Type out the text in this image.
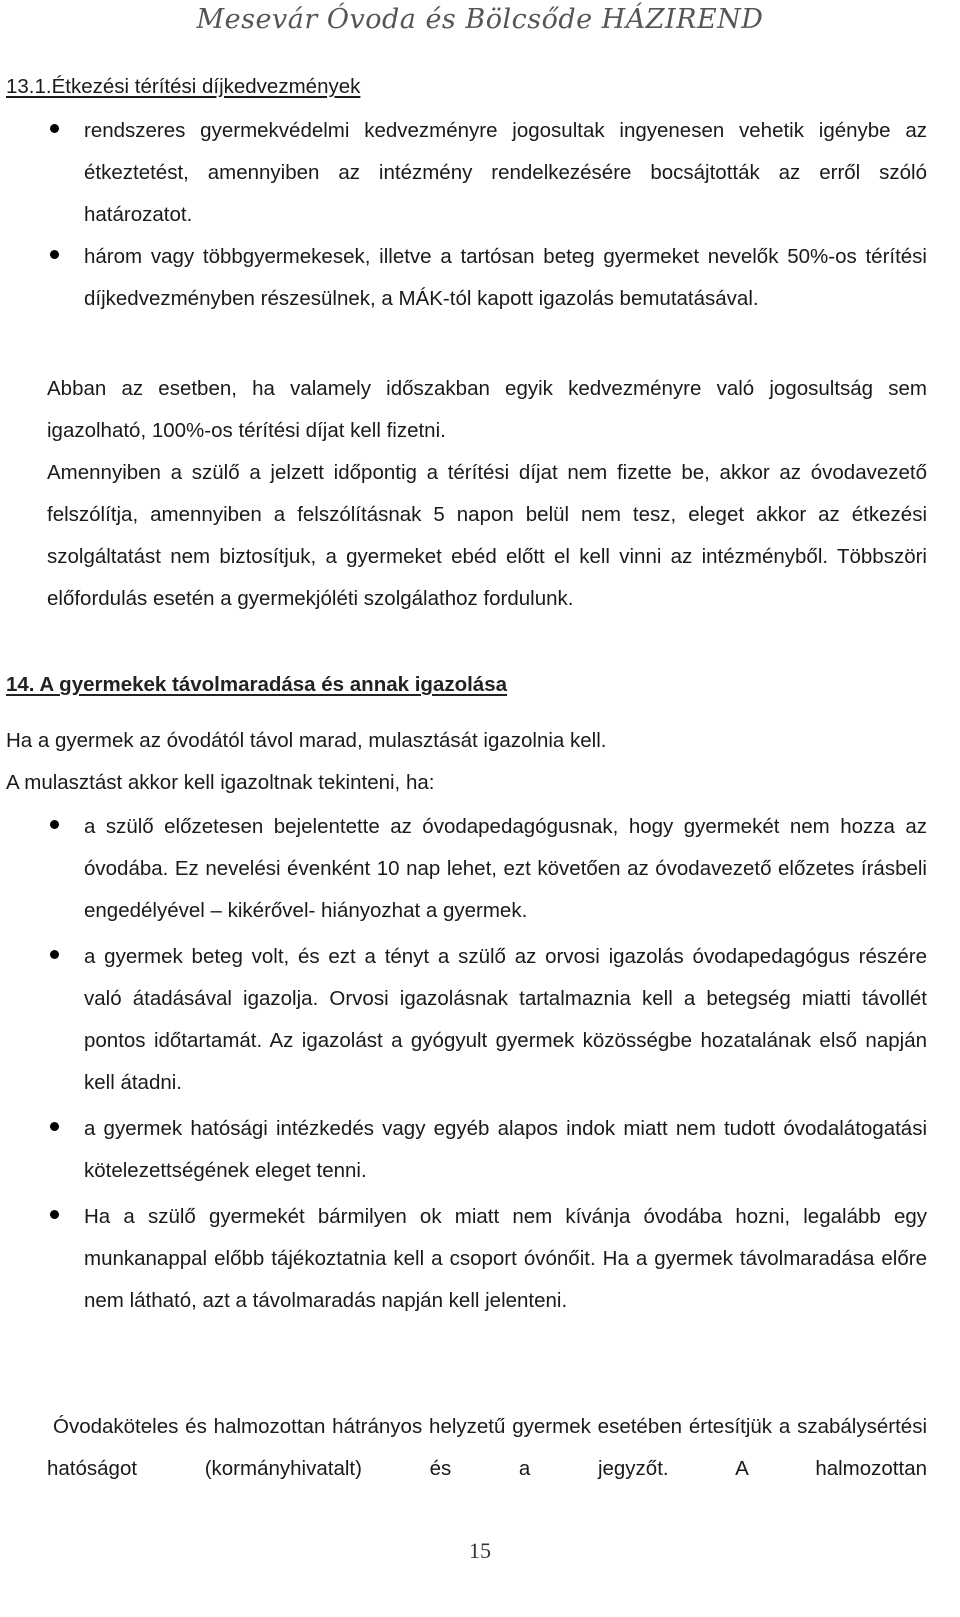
Mesevár Óvoda és Bölcsőde HÁZIREND
13.1.Étkezési térítési díjkedvezmények
rendszeres gyermekvédelmi kedvezményre jogosultak ingyenesen vehetik igénybe az étkeztetést, amennyiben az intézmény rendelkezésére bocsájtották az erről szóló határozatot.
három vagy többgyermekesek, illetve a tartósan beteg gyermeket nevelők 50%-os térítési díjkedvezményben részesülnek, a MÁK-tól kapott igazolás bemutatásával.
Abban az esetben, ha valamely időszakban egyik kedvezményre való jogosultság sem igazolható, 100%-os térítési díjat kell fizetni.
Amennyiben a szülő a jelzett időpontig a térítési díjat nem fizette be, akkor az óvodavezető felszólítja, amennyiben a felszólításnak 5 napon belül nem tesz, eleget akkor az étkezési szolgáltatást nem biztosítjuk, a gyermeket ebéd előtt el kell vinni az intézményből. Többszöri előfordulás esetén a gyermekjóléti szolgálathoz fordulunk.
14. A gyermekek távolmaradása és annak igazolása
Ha a gyermek az óvodától távol marad, mulasztását igazolnia kell.
A mulasztást akkor kell igazoltnak tekinteni, ha:
a szülő előzetesen bejelentette az óvodapedagógusnak, hogy gyermekét nem hozza az óvodába. Ez nevelési évenként 10 nap lehet, ezt követően az óvodavezető előzetes írásbeli engedélyével – kikérővel- hiányozhat a gyermek.
a gyermek beteg volt, és ezt a tényt a szülő az orvosi igazolás óvodapedagógus részére való átadásával igazolja. Orvosi igazolásnak tartalmaznia kell a betegség miatti távollét pontos időtartamát. Az igazolást a gyógyult gyermek közösségbe hozatalának első napján kell átadni.
a gyermek hatósági intézkedés vagy egyéb alapos indok miatt nem tudott óvodalátogatási kötelezettségének eleget tenni.
Ha a szülő gyermekét bármilyen ok miatt nem kívánja óvodába hozni, legalább egy munkanappal előbb tájékoztatnia kell a csoport óvónőit. Ha a gyermek távolmaradása előre nem látható, azt a távolmaradás napján kell jelenteni.
Óvodaköteles és halmozottan hátrányos helyzetű gyermek esetében értesítjük a szabálysértési hatóságot (kormányhivatalt) és a jegyzőt. A halmozottan
15
